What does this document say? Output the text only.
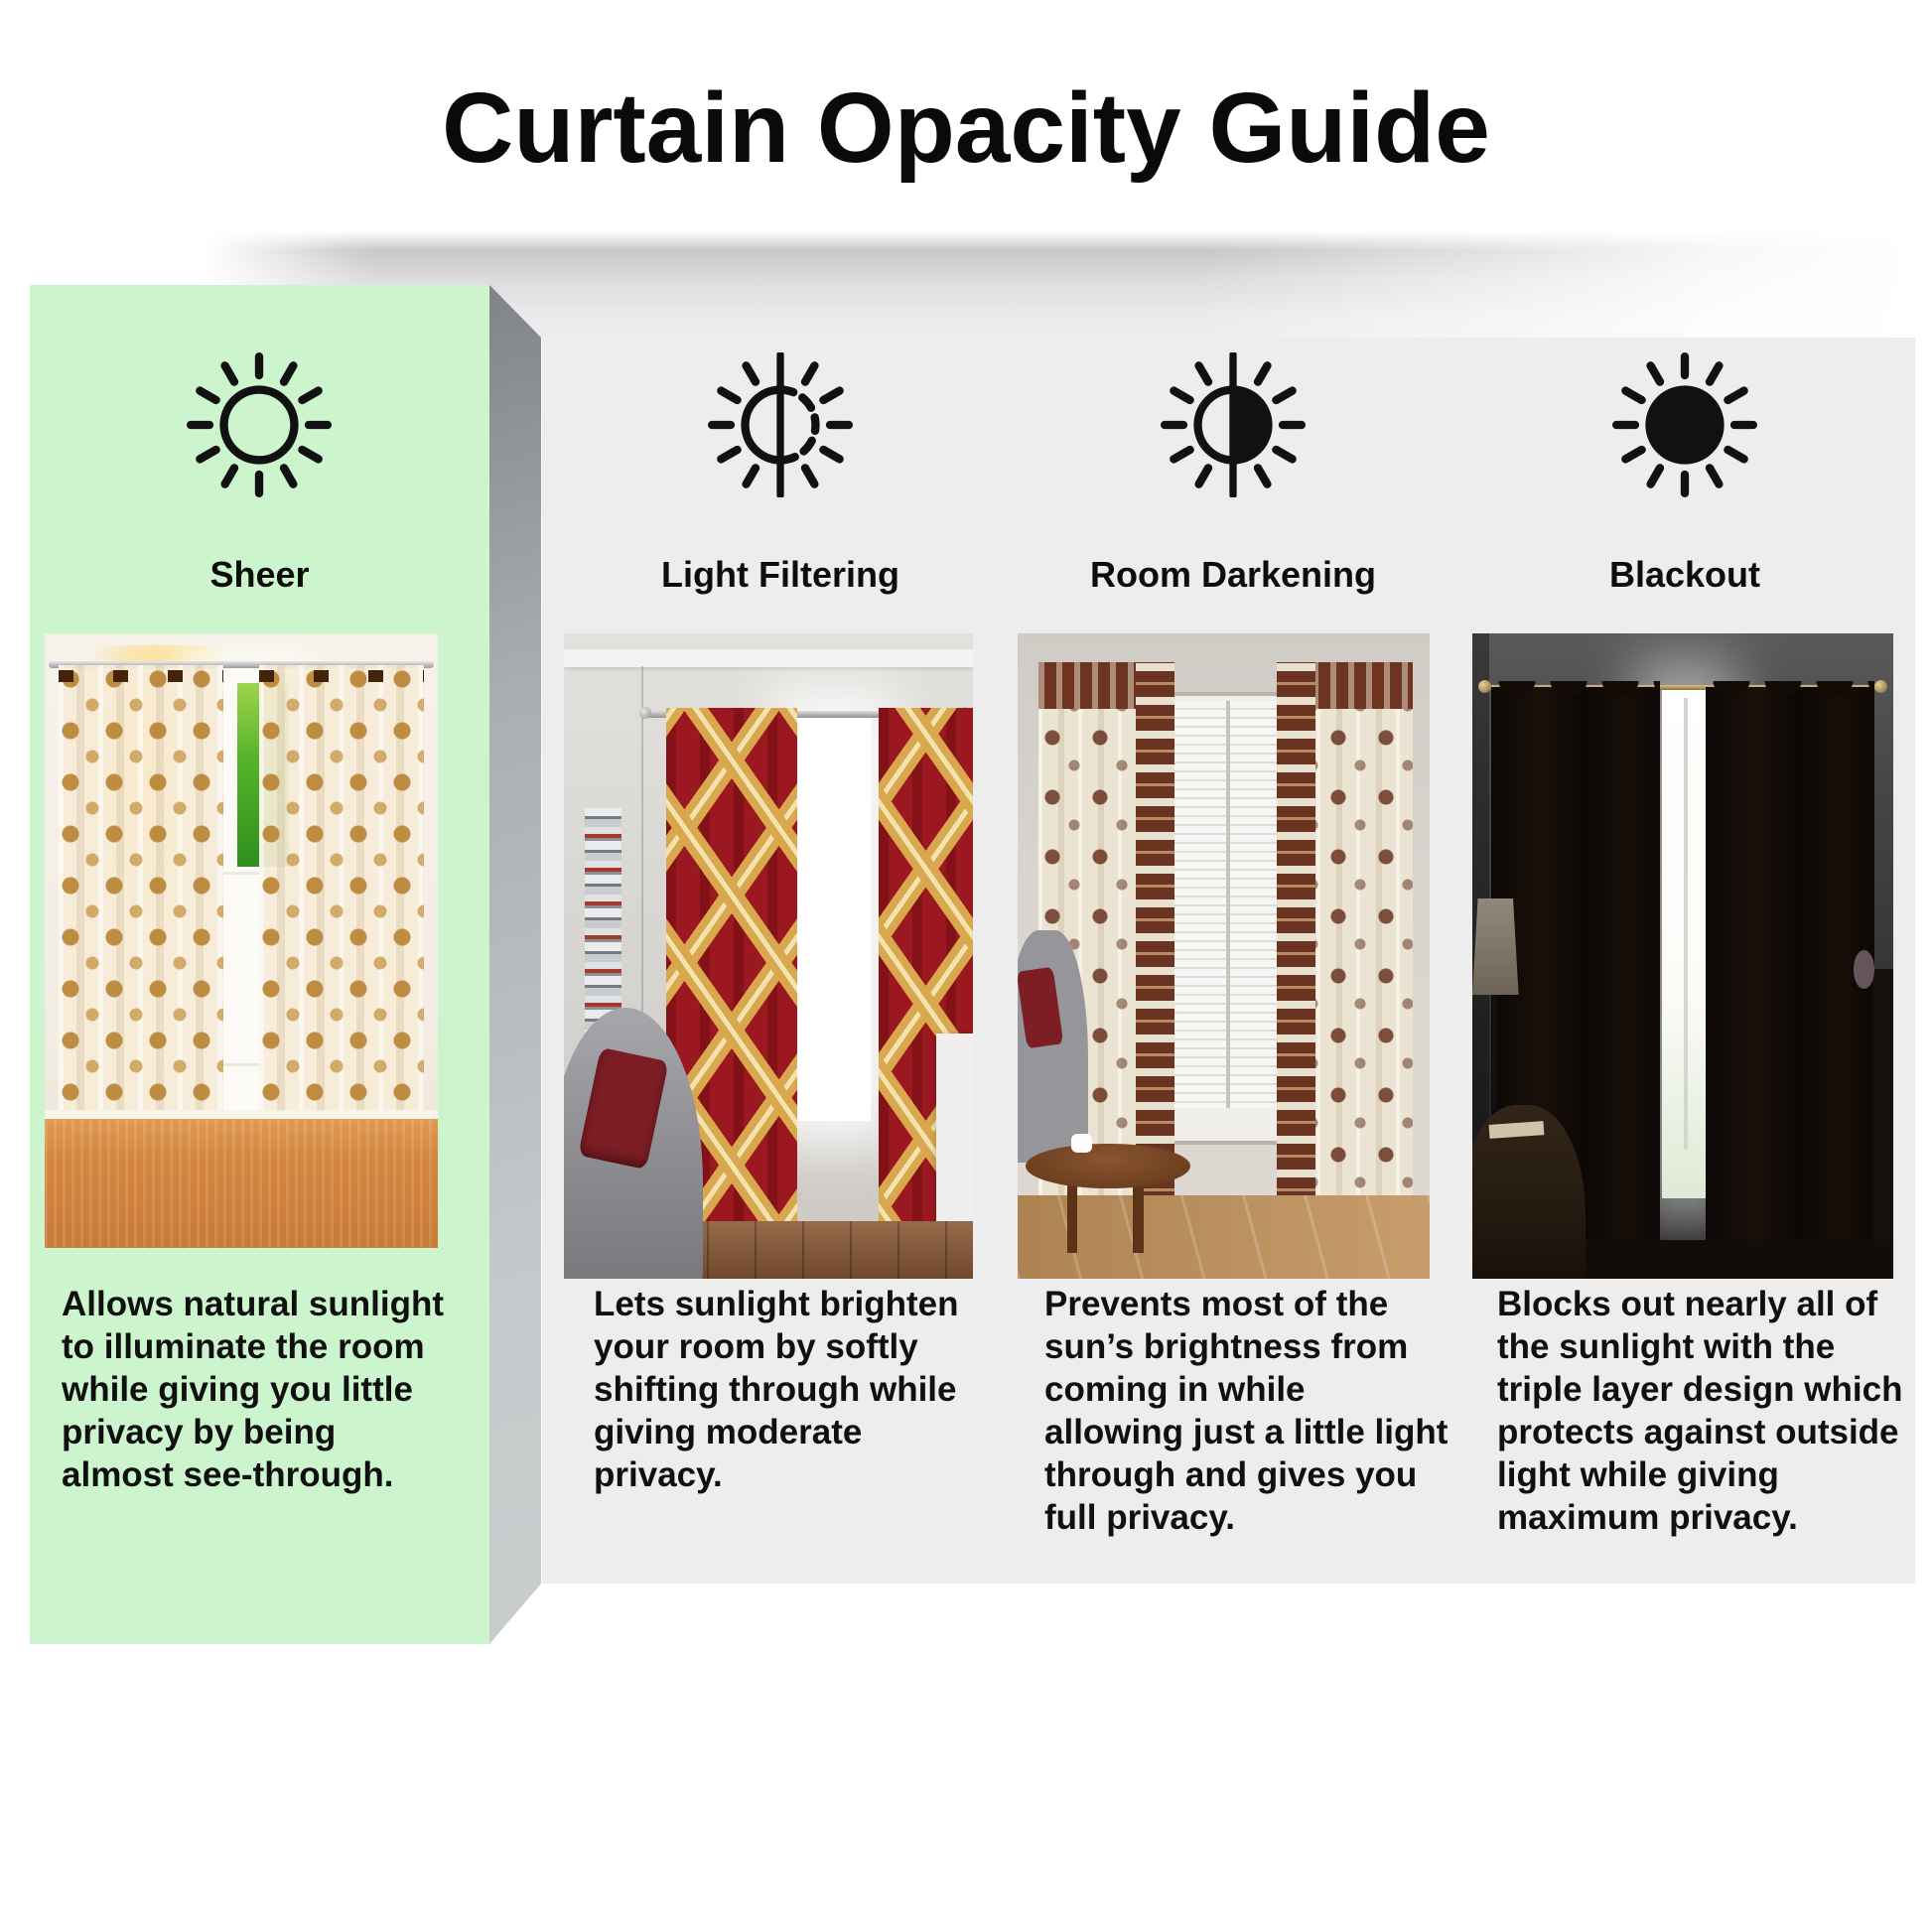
Curtain Opacity Guide
Sheer	Light Filtering	Room Darkening	Blackout

Allows natural sunlight to illuminate the room while giving you little privacy by being almost see-through.

Lets sunlight brighten your room by softly shifting through while giving moderate privacy.

Prevents most of the sun’s brightness from coming in while allowing just a little light through and gives you full privacy.

Blocks out nearly all of the sunlight with the triple layer design which protects against outside light while giving maximum privacy.
